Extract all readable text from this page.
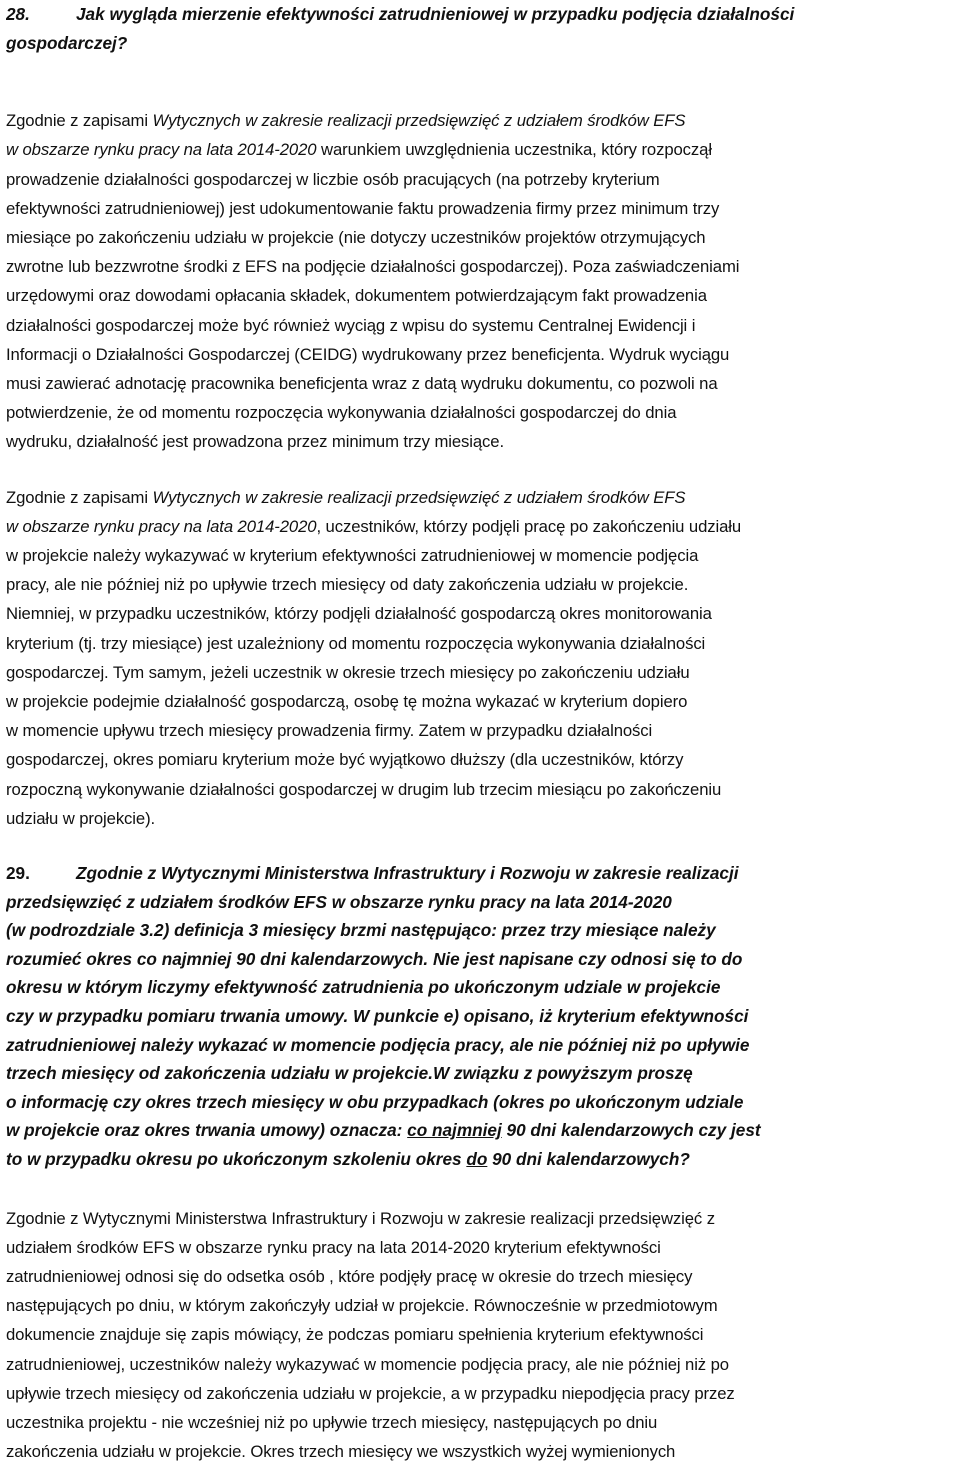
28.	Jak wygląda mierzenie efektywności zatrudnieniowej w przypadku podjęcia działalności
gospodarczej?
Zgodnie z zapisami Wytycznych w zakresie realizacji przedsięwzięć z udziałem środków EFS
w obszarze rynku pracy na lata 2014-2020 warunkiem uwzględnienia uczestnika, który rozpoczął
prowadzenie działalności gospodarczej w liczbie osób pracujących (na potrzeby kryterium
efektywności zatrudnieniowej) jest udokumentowanie faktu prowadzenia firmy przez minimum trzy
miesiące po zakończeniu udziału w projekcie (nie dotyczy uczestników projektów otrzymujących
zwrotne lub bezzwrotne środki z EFS na podjęcie działalności gospodarczej). Poza zaświadczeniami
urzędowymi oraz dowodami opłacania składek, dokumentem potwierdzającym fakt prowadzenia
działalności gospodarczej może być również wyciąg z wpisu do systemu Centralnej Ewidencji i
Informacji o Działalności Gospodarczej (CEIDG) wydrukowany przez beneficjenta. Wydruk wyciągu
musi zawierać adnotację pracownika beneficjenta wraz z datą wydruku dokumentu, co pozwoli na
potwierdzenie, że od momentu rozpoczęcia wykonywania działalności gospodarczej do dnia
wydruku, działalność jest prowadzona przez minimum trzy miesiące.
Zgodnie z zapisami Wytycznych w zakresie realizacji przedsięwzięć z udziałem środków EFS
w obszarze rynku pracy na lata 2014-2020, uczestników, którzy podjęli pracę po zakończeniu udziału
w projekcie należy wykazywać w kryterium efektywności zatrudnieniowej w momencie podjęcia
pracy, ale nie później niż po upływie trzech miesięcy od daty zakończenia udziału w projekcie.
Niemniej, w przypadku uczestników, którzy podjęli działalność gospodarczą okres monitorowania
kryterium (tj. trzy miesiące) jest uzależniony od momentu rozpoczęcia wykonywania działalności
gospodarczej. Tym samym, jeżeli uczestnik w okresie trzech miesięcy po zakończeniu udziału
w projekcie podejmie działalność gospodarczą, osobę tę można wykazać w kryterium dopiero
w momencie upływu trzech miesięcy prowadzenia firmy. Zatem w przypadku działalności
gospodarczej, okres pomiaru kryterium może być wyjątkowo dłuższy (dla uczestników, którzy
rozpoczną wykonywanie działalności gospodarczej w drugim lub trzecim miesiącu po zakończeniu
udziału w projekcie).
29.	Zgodnie z Wytycznymi Ministerstwa Infrastruktury i Rozwoju w zakresie realizacji
przedsięwzięć z udziałem środków EFS w obszarze rynku pracy na lata 2014-2020
(w podrozdziale 3.2) definicja 3 miesięcy brzmi następująco: przez trzy miesiące należy
rozumieć okres co najmniej 90 dni kalendarzowych. Nie jest napisane czy odnosi się to do
okresu w którym liczymy efektywność zatrudnienia po ukończonym udziale w projekcie
czy w przypadku pomiaru trwania umowy. W punkcie e) opisano, iż kryterium efektywności
zatrudnieniowej należy wykazać w momencie podjęcia pracy, ale nie później niż po upływie
trzech miesięcy od zakończenia udziału w projekcie.W związku z powyższym proszę
o informację czy okres trzech miesięcy w obu przypadkach (okres po ukończonym udziale
w projekcie oraz okres trwania umowy) oznacza: co najmniej 90 dni kalendarzowych czy jest
to w przypadku okresu po ukończonym szkoleniu okres do 90 dni kalendarzowych?
Zgodnie z Wytycznymi Ministerstwa Infrastruktury i Rozwoju w zakresie realizacji przedsięwzięć z
udziałem środków EFS w obszarze rynku pracy na lata 2014-2020 kryterium efektywności
zatrudnieniowej odnosi się do odsetka osób , które podjęły pracę w okresie do trzech miesięcy
następujących po dniu, w którym zakończyły udział w projekcie. Równocześnie w przedmiotowym
dokumencie znajduje się zapis mówiący, że podczas pomiaru spełnienia kryterium efektywności
zatrudnieniowej, uczestników należy wykazywać w momencie podjęcia pracy, ale nie później niż po
upływie trzech miesięcy od zakończenia udziału w projekcie, a w przypadku niepodjęcia pracy przez
uczestnika projektu - nie wcześniej niż po upływie trzech miesięcy, następujących po dniu
zakończenia udziału w projekcie. Okres trzech miesięcy we wszystkich wyżej wymienionych
